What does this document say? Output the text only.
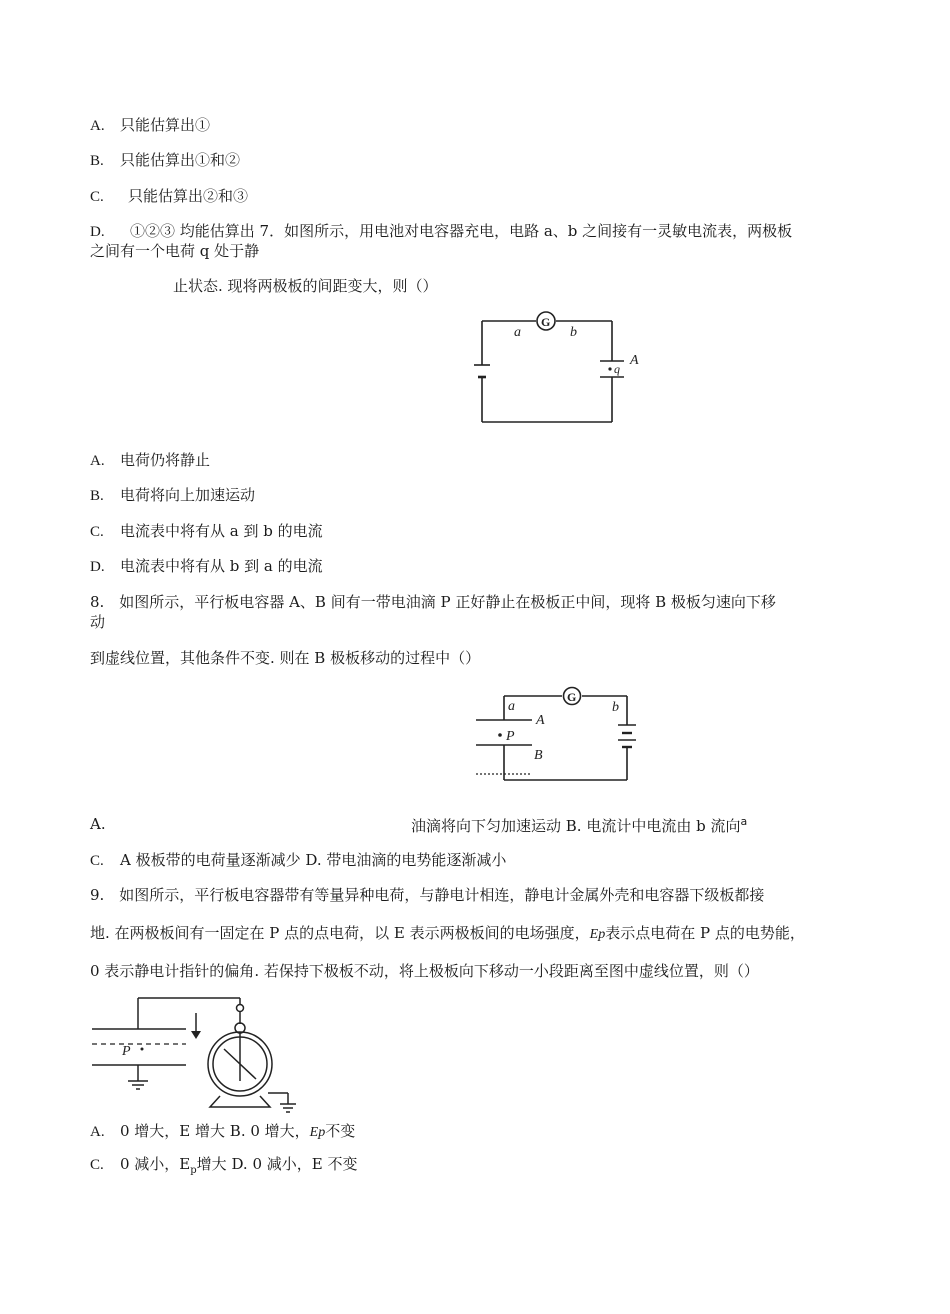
A. 只能估算出①
B. 只能估算出①和②
C. 只能估算出②和③
D. ①②③ 均能估算出 7．如图所示，用电池对电容器充电，电路 a、b 之间接有一灵敏电流表，两极板
之间有一个电荷 q 处于静
止状态. 现将两极板的间距变大，则（）
G
a	b
q
A
A. 电荷仍将静止
B. 电荷将向上加速运动
C. 电流表中将有从 a 到 b 的电流
D. 电流表中将有从 b 到 a 的电流
8.　如图所示，平行板电容器 A、B 间有一带电油滴 P 正好静止在极板正中间，现将 B 极板匀速向下移
动
到虚线位置，其他条件不变. 则在 B 极板移动的过程中（）
G
a	b
A
P
B
A.	油滴将向下匀加速运动 B. 电流计中电流由 b 流向$^a$
C. A 极板带的电荷量逐渐减少 D. 带电油滴的电势能逐渐减小
9.　如图所示，平行板电容器带有等量异种电荷，与静电计相连，静电计金属外壳和电容器下级板都接
地. 在两极板间有一固定在 P 点的点电荷，以 E 表示两极板间的电场强度，Ep表示点电荷在 P 点的电势能，
0 表示静电计指针的偏角. 若保持下极板不动，将上极板向下移动一小段距离至图中虚线位置，则（）
P
A. 0 增大，E 增大 B. 0 增大，Ep不变
C. 0 减小，$E_p$增大 D. 0 减小，E 不变
